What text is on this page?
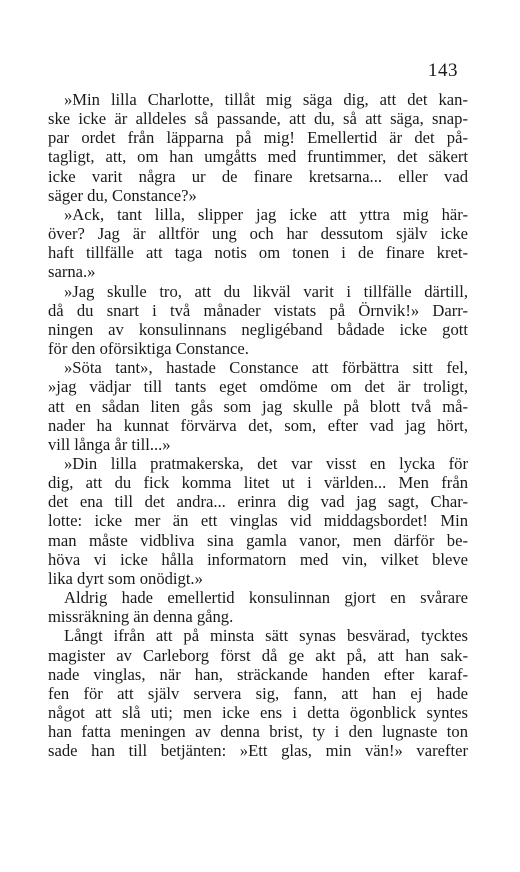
143
»Min lilla Charlotte, tillåt mig säga dig, att det kan-
ske icke är alldeles så passande, att du, så att säga, snap-
par ordet från läpparna på mig! Emellertid är det på-
tagligt, att, om han umgåtts med fruntimmer, det säkert
icke varit några ur de finare kretsarna... eller vad
säger du, Constance?»
»Ack, tant lilla, slipper jag icke att yttra mig här-
över? Jag är alltför ung och har dessutom själv icke
haft tillfälle att taga notis om tonen i de finare kret-
sarna.»
»Jag skulle tro, att du likväl varit i tillfälle därtill,
då du snart i två månader vistats på Örnvik!» Darr-
ningen av konsulinnans negligéband bådade icke gott
för den oförsiktiga Constance.
»Söta tant», hastade Constance att förbättra sitt fel,
»jag vädjar till tants eget omdöme om det är troligt,
att en sådan liten gås som jag skulle på blott två må-
nader ha kunnat förvärva det, som, efter vad jag hört,
vill långa år till...»
»Din lilla pratmakerska, det var visst en lycka för
dig, att du fick komma litet ut i världen... Men från
det ena till det andra... erinra dig vad jag sagt, Char-
lotte: icke mer än ett vinglas vid middagsbordet! Min
man måste vidbliva sina gamla vanor, men därför be-
höva vi icke hålla informatorn med vin, vilket bleve
lika dyrt som onödigt.»
Aldrig hade emellertid konsulinnan gjort en svårare
missräkning än denna gång.
Långt ifrån att på minsta sätt synas besvärad, tycktes
magister av Carleborg först då ge akt på, att han sak-
nade vinglas, när han, sträckande handen efter karaf-
fen för att själv servera sig, fann, att han ej hade
något att slå uti; men icke ens i detta ögonblick syntes
han fatta meningen av denna brist, ty i den lugnaste ton
sade han till betjänten: »Ett glas, min vän!» varefter
